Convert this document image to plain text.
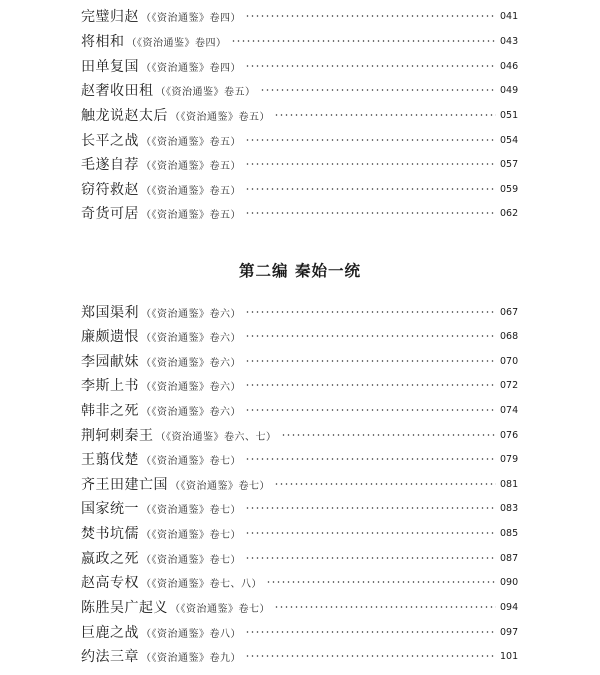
完璧归赵 （《资治通鉴》卷四）	041
将相和 （《资治通鉴》卷四）	043
田单复国 （《资治通鉴》卷四）	046
赵奢收田租 （《资治通鉴》卷五）	049
触龙说赵太后 （《资治通鉴》卷五）	051
长平之战 （《资治通鉴》卷五）	054
毛遂自荐 （《资治通鉴》卷五）	057
窃符救赵 （《资治通鉴》卷五）	059
奇货可居 （《资治通鉴》卷五）	062
郑国渠利 （《资治通鉴》卷六）	067
廉颇遗恨 （《资治通鉴》卷六）	068
李园献妹 （《资治通鉴》卷六）	070
李斯上书 （《资治通鉴》卷六）	072
韩非之死 （《资治通鉴》卷六）	074
荆轲刺秦王 （《资治通鉴》卷六、七）	076
王翦伐楚 （《资治通鉴》卷七）	079
齐王田建亡国 （《资治通鉴》卷七）	081
国家统一 （《资治通鉴》卷七）	083
焚书坑儒 （《资治通鉴》卷七）	085
嬴政之死 （《资治通鉴》卷七）	087
赵高专权 （《资治通鉴》卷七、八）	090
陈胜吴广起义 （《资治通鉴》卷七）	094
巨鹿之战 （《资治通鉴》卷八）	097
约法三章 （《资治通鉴》卷九）	101
第二编 秦始一统
